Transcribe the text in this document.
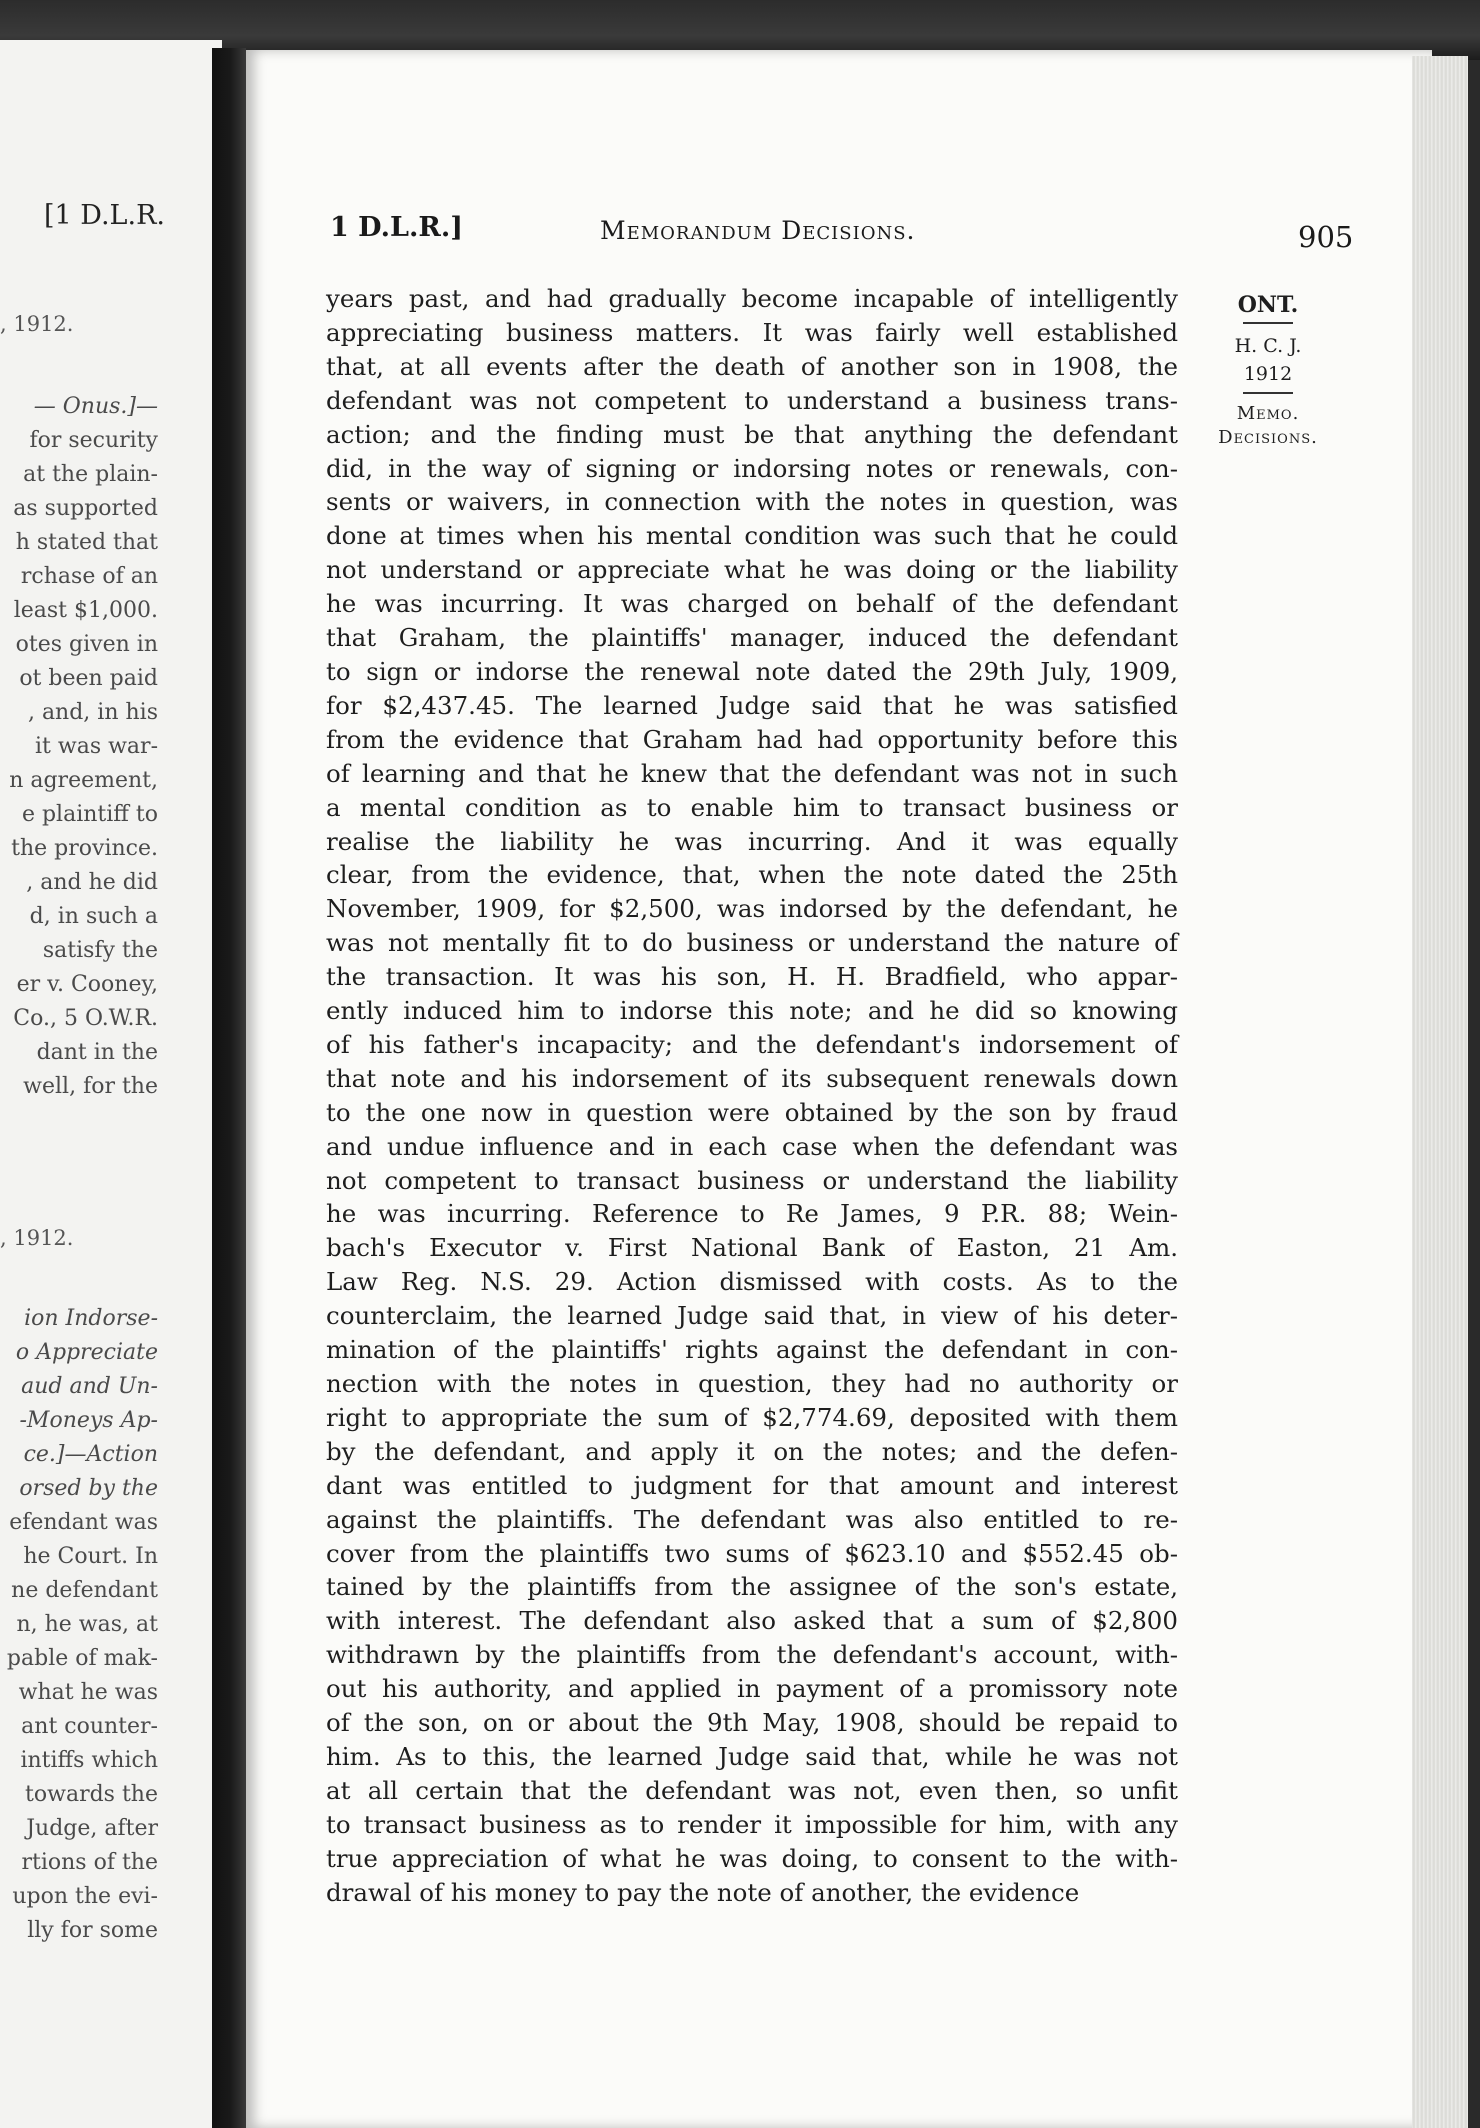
[1 D.L.R.
, 1912.
— Onus.]—
for security
at the plain-
as supported
h stated that
rchase of an
least $1,000.
otes given in
ot been paid
, and, in his
it was war-
n agreement,
e plaintiff to
the province.
, and he did
d, in such a
satisfy the
er v. Cooney,
Co., 5 O.W.R.
dant in the
well, for the
, 1912.
ion Indorse-
o Appreciate
aud and Un-
-Moneys Ap-
ce.]—Action
orsed by the
efendant was
he Court. In
ne defendant
n, he was, at
pable of mak-
what he was
ant counter-
intiffs which
towards the
Judge, after
rtions of the
upon the evi-
lly for some
1 D.L.R.]	Memorandum Decisions.	905
ONT.
H. C. J.
1912
Memo.
Decisions.
years past, and had gradually become incapable of intelligently
appreciating business matters. It was fairly well established
that, at all events after the death of another son in 1908, the
defendant was not competent to understand a business trans-
action; and the finding must be that anything the defendant
did, in the way of signing or indorsing notes or renewals, con-
sents or waivers, in connection with the notes in question, was
done at times when his mental condition was such that he could
not understand or appreciate what he was doing or the liability
he was incurring. It was charged on behalf of the defendant
that Graham, the plaintiffs' manager, induced the defendant
to sign or indorse the renewal note dated the 29th July, 1909,
for $2,437.45. The learned Judge said that he was satisfied
from the evidence that Graham had had opportunity before this
of learning and that he knew that the defendant was not in such
a mental condition as to enable him to transact business or
realise the liability he was incurring. And it was equally
clear, from the evidence, that, when the note dated the 25th
November, 1909, for $2,500, was indorsed by the defendant, he
was not mentally fit to do business or understand the nature of
the transaction. It was his son, H. H. Bradfield, who appar-
ently induced him to indorse this note; and he did so knowing
of his father's incapacity; and the defendant's indorsement of
that note and his indorsement of its subsequent renewals down
to the one now in question were obtained by the son by fraud
and undue influence and in each case when the defendant was
not competent to transact business or understand the liability
he was incurring. Reference to Re James, 9 P.R. 88; Wein-
bach's Executor v. First National Bank of Easton, 21 Am.
Law Reg. N.S. 29. Action dismissed with costs. As to the
counterclaim, the learned Judge said that, in view of his deter-
mination of the plaintiffs' rights against the defendant in con-
nection with the notes in question, they had no authority or
right to appropriate the sum of $2,774.69, deposited with them
by the defendant, and apply it on the notes; and the defen-
dant was entitled to judgment for that amount and interest
against the plaintiffs. The defendant was also entitled to re-
cover from the plaintiffs two sums of $623.10 and $552.45 ob-
tained by the plaintiffs from the assignee of the son's estate,
with interest. The defendant also asked that a sum of $2,800
withdrawn by the plaintiffs from the defendant's account, with-
out his authority, and applied in payment of a promissory note
of the son, on or about the 9th May, 1908, should be repaid to
him. As to this, the learned Judge said that, while he was not
at all certain that the defendant was not, even then, so unfit
to transact business as to render it impossible for him, with any
true appreciation of what he was doing, to consent to the with-
drawal of his money to pay the note of another, the evidence
